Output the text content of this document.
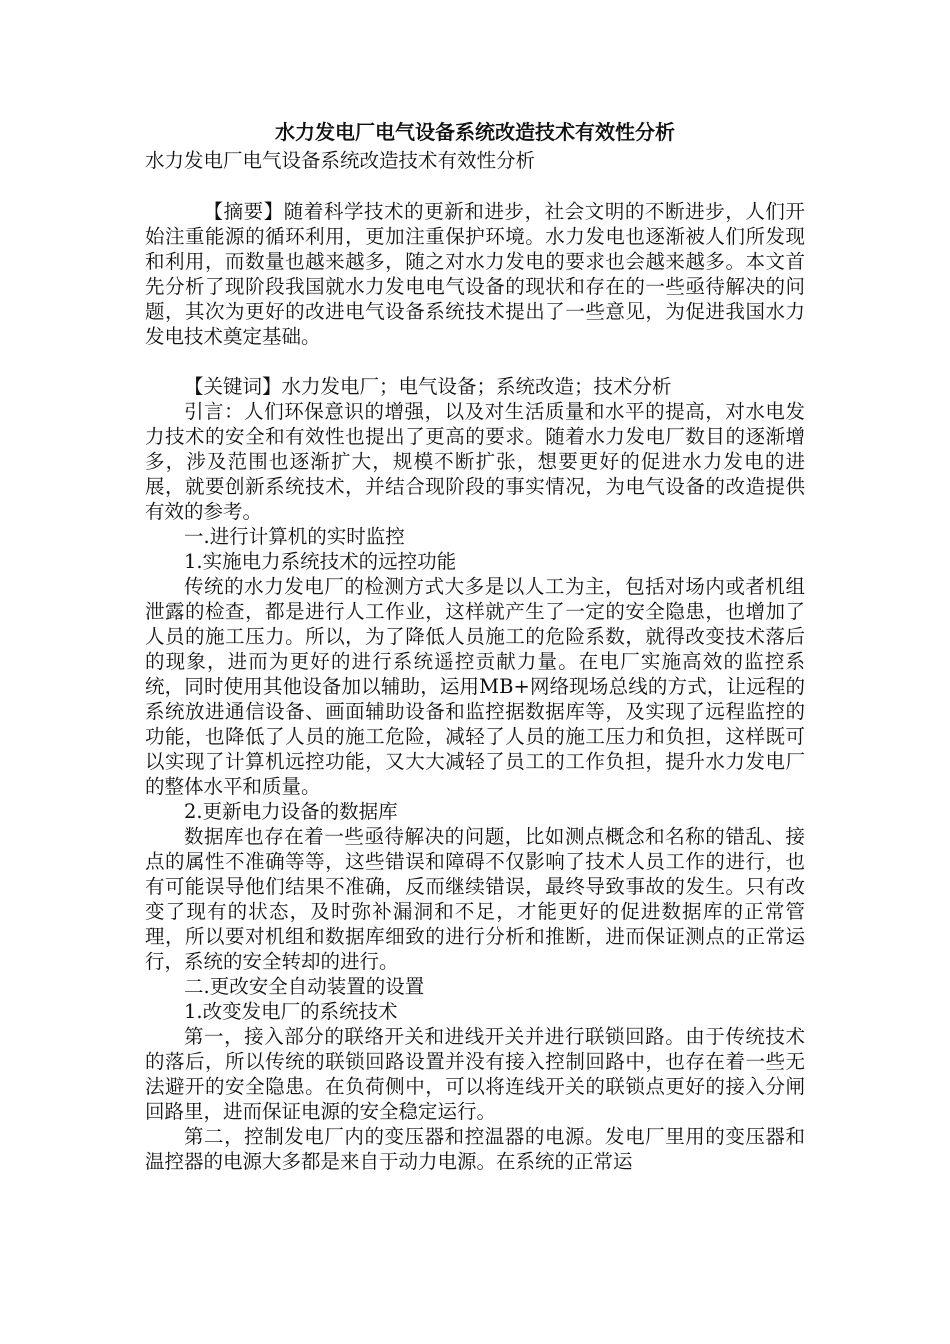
水力发电厂电气设备系统改造技术有效性分析

水力发电厂电气设备系统改造技术有效性分析

【摘要】随着科学技术的更新和进步，社会文明的不断进步，人们开始注重能源的循环利用，更加注重保护环境。水力发电也逐渐被人们所发现和利用，而数量也越来越多，随之对水力发电的要求也会越来越多。本文首先分析了现阶段我国就水力发电电气设备的现状和存在的一些亟待解决的问题，其次为更好的改进电气设备系统技术提出了一些意见，为促进我国水力发电技术奠定基础。

【关键词】水力发电厂；电气设备；系统改造；技术分析

引言：人们环保意识的增强，以及对生活质量和水平的提高，对水电发力技术的安全和有效性也提出了更高的要求。随着水力发电厂数目的逐渐增多，涉及范围也逐渐扩大，规模不断扩张，想要更好的促进水力发电的进展，就要创新系统技术，并结合现阶段的事实情况，为电气设备的改造提供有效的参考。

一.进行计算机的实时监控

1.实施电力系统技术的远控功能

传统的水力发电厂的检测方式大多是以人工为主，包括对场内或者机组泄露的检查，都是进行人工作业，这样就产生了一定的安全隐患，也增加了人员的施工压力。所以，为了降低人员施工的危险系数，就得改变技术落后的现象，进而为更好的进行系统遥控贡献力量。在电厂实施高效的监控系统，同时使用其他设备加以辅助，运用MB+网络现场总线的方式，让远程的系统放进通信设备、画面辅助设备和监控据数据库等，及实现了远程监控的功能，也降低了人员的施工危险，减轻了人员的施工压力和负担，这样既可以实现了计算机远控功能，又大大减轻了员工的工作负担，提升水力发电厂的整体水平和质量。

2.更新电力设备的数据库

数据库也存在着一些亟待解决的问题，比如测点概念和名称的错乱、接点的属性不准确等等，这些错误和障碍不仅影响了技术人员工作的进行，也有可能误导他们结果不准确，反而继续错误，最终导致事故的发生。只有改变了现有的状态，及时弥补漏洞和不足，才能更好的促进数据库的正常管理，所以要对机组和数据库细致的进行分析和推断，进而保证测点的正常运行，系统的安全转却的进行。

二.更改安全自动装置的设置

1.改变发电厂的系统技术

第一，接入部分的联络开关和进线开关并进行联锁回路。由于传统技术的落后，所以传统的联锁回路设置并没有接入控制回路中，也存在着一些无法避开的安全隐患。在负荷侧中，可以将连线开关的联锁点更好的接入分闸回路里，进而保证电源的安全稳定运行。

第二，控制发电厂内的变压器和控温器的电源。发电厂里用的变压器和温控器的电源大多都是来自于动力电源。在系统的正常运
